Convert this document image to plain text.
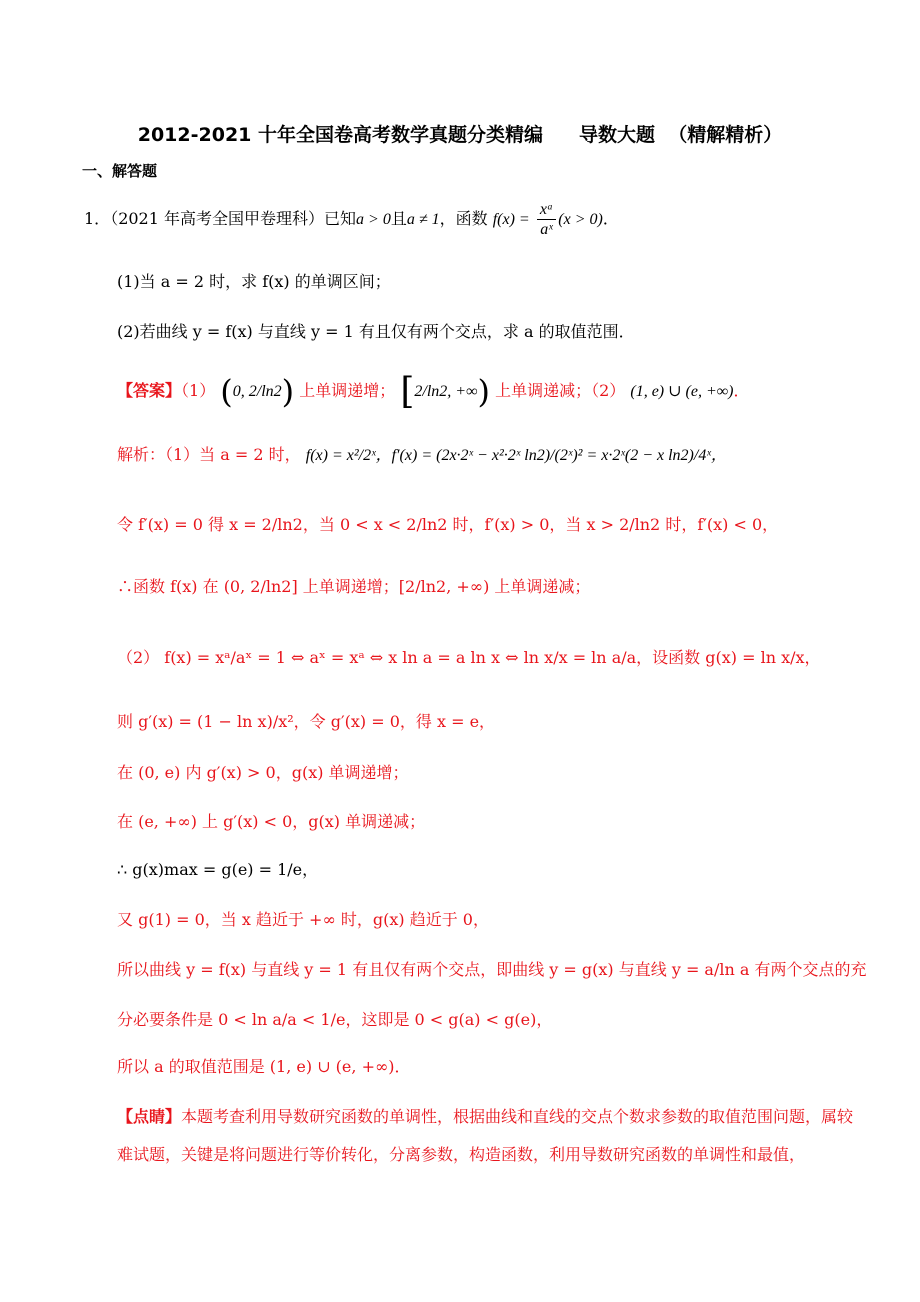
2012-2021 十年全国卷高考数学真题分类精编 导数大题 （精解精析）
一、解答题
1．（2021 年高考全国甲卷理科）已知a > 0且a ≠ 1，函数 $f(x) = \frac{\text{xᵃ}}{\text{aˣ}} (x > 0)$．
(1)当 a = 2 时，求 f(x) 的单调区间；
(2)若曲线 y = f(x) 与直线 y = 1 有且仅有两个交点，求 a 的取值范围．
【答案】（1） (0, 2/ln2) 上单调递增； [2/ln2, +∞) 上单调递减；（2） (1, e) ∪ (e, +∞)．
解析：（1）当 a = 2 时， f(x) = x²/2ˣ，f′(x) = (2x·2ˣ − x²·2ˣ ln2)/(2ˣ)² = x·2ˣ(2 − x ln2)/4ˣ，
令 f′(x) = 0 得 x = 2/ln2，当 0 < x < 2/ln2 时，f′(x) > 0，当 x > 2/ln2 时，f′(x) < 0，
∴函数 f(x) 在 (0, 2/ln2] 上单调递增；[2/ln2, +∞) 上单调递减；
（2） f(x) = xᵃ/aˣ = 1 ⇔ aˣ = xᵃ ⇔ x ln a = a ln x ⇔ ln x/x = ln a/a，设函数 g(x) = ln x/x，
则 g′(x) = (1 − ln x)/x²，令 g′(x) = 0，得 x = e，
在 (0, e) 内 g′(x) > 0，g(x) 单调递增；
在 (e, +∞) 上 g′(x) < 0，g(x) 单调递减；
∴ g(x)max = g(e) = 1/e，
又 g(1) = 0，当 x 趋近于 +∞ 时，g(x) 趋近于 0，
所以曲线 y = f(x) 与直线 y = 1 有且仅有两个交点，即曲线 y = g(x) 与直线 y = a/ln a 有两个交点的充
分必要条件是 0 < ln a/a < 1/e，这即是 0 < g(a) < g(e)，
所以 a 的取值范围是 (1, e) ∪ (e, +∞)．
【点睛】本题考查利用导数研究函数的单调性，根据曲线和直线的交点个数求参数的取值范围问题，属较难试题，关键是将问题进行等价转化，分离参数，构造函数，利用导数研究函数的单调性和最值，
